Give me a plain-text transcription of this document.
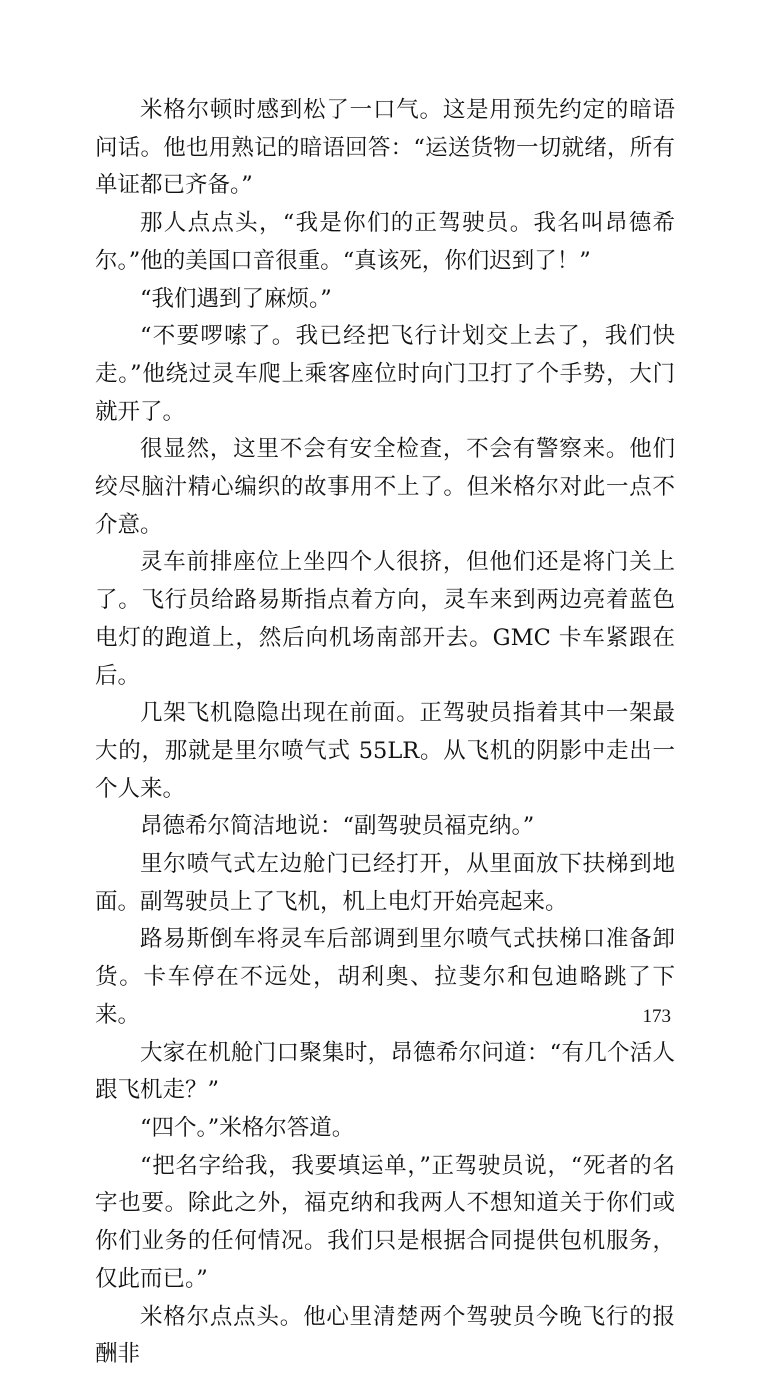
米格尔顿时感到松了一口气。这是用预先约定的暗语问话。他也用熟记的暗语回答：“运送货物一切就绪，所有单证都已齐备。”

那人点点头，“我是你们的正驾驶员。我名叫昂德希尔。”他的美国口音很重。“真该死，你们迟到了！”

“我们遇到了麻烦。”

“不要啰嗦了。我已经把飞行计划交上去了，我们快走。”他绕过灵车爬上乘客座位时向门卫打了个手势，大门就开了。

很显然，这里不会有安全检查，不会有警察来。他们绞尽脑汁精心编织的故事用不上了。但米格尔对此一点不介意。

灵车前排座位上坐四个人很挤，但他们还是将门关上了。飞行员给路易斯指点着方向，灵车来到两边亮着蓝色电灯的跑道上，然后向机场南部开去。GMC 卡车紧跟在后。

几架飞机隐隐出现在前面。正驾驶员指着其中一架最大的，那就是里尔喷气式 55LR。从飞机的阴影中走出一个人来。

昂德希尔简洁地说：“副驾驶员福克纳。”

里尔喷气式左边舱门已经打开，从里面放下扶梯到地面。副驾驶员上了飞机，机上电灯开始亮起来。

路易斯倒车将灵车后部调到里尔喷气式扶梯口准备卸货。卡车停在不远处，胡利奥、拉斐尔和包迪略跳了下来。

大家在机舱门口聚集时，昂德希尔问道：“有几个活人跟飞机走？”

“四个。”米格尔答道。

“把名字给我，我要填运单，”正驾驶员说，“死者的名字也要。除此之外，福克纳和我两人不想知道关于你们或你们业务的任何情况。我们只是根据合同提供包机服务，仅此而已。”

米格尔点点头。他心里清楚两个驾驶员今晚飞行的报酬非

173
